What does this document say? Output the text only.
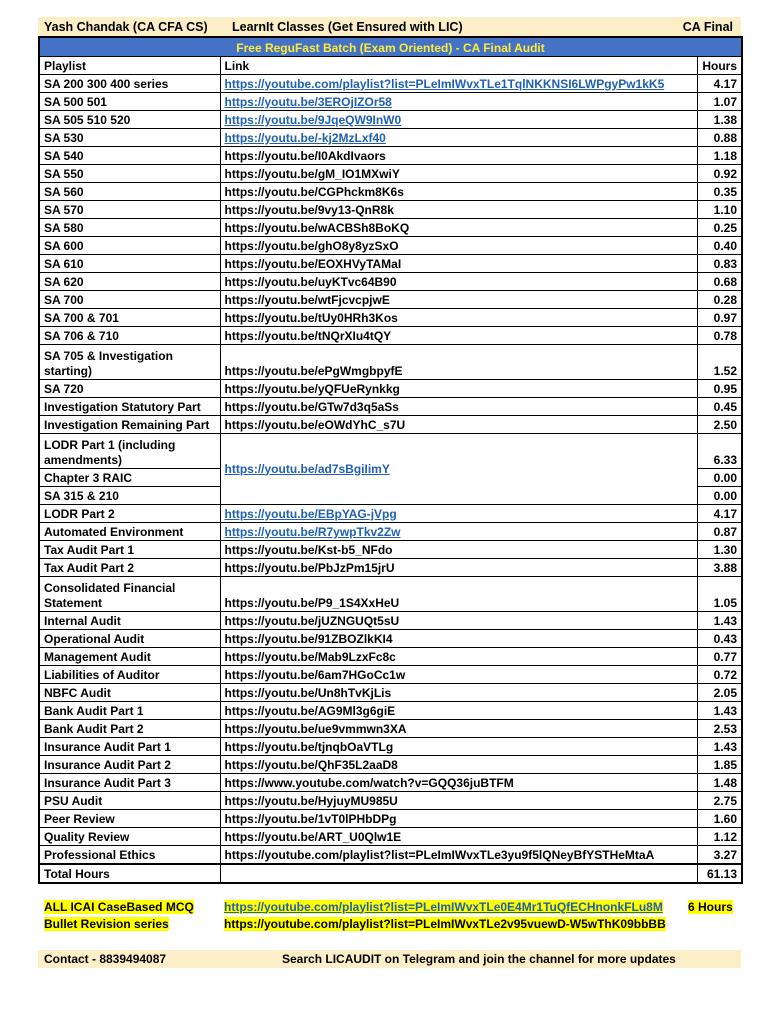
Yash Chandak (CA CFA CS)	LearnIt Classes (Get Ensured with LIC)	CA Final
Free ReguFast Batch (Exam Oriented) - CA Final Audit		
Playlist	Link	Hours
SA 200 300 400 series	https://youtube.com/playlist?list=PLeImIWvxTLe1TqlNKKNSI6LWPgyPw1kK5	4.17
SA 500 501	https://youtu.be/3EROjIZOr58	1.07
SA 505 510 520	https://youtu.be/9JqeQW9InW0	1.38
SA 530	https://youtu.be/-kj2MzLxf40	0.88
SA 540	https://youtu.be/I0AkdIvaors	1.18
SA 550	https://youtu.be/gM_IO1MXwiY	0.92
SA 560	https://youtu.be/CGPhckm8K6s	0.35
SA 570	https://youtu.be/9vy13-QnR8k	1.10
SA 580	https://youtu.be/wACBSh8BoKQ	0.25
SA 600	https://youtu.be/ghO8y8yzSxO	0.40
SA 610	https://youtu.be/EOXHVyTAMaI	0.83
SA 620	https://youtu.be/uyKTvc64B90	0.68
SA 700	https://youtu.be/wtFjcvcpjwE	0.28
SA 700 & 701	https://youtu.be/tUy0HRh3Kos	0.97
SA 706 & 710	https://youtu.be/tNQrXIu4tQY	0.78
SA 705 & Investigation starting)	https://youtu.be/ePgWmgbpyfE	1.52
SA 720	https://youtu.be/yQFUeRynkkg	0.95
Investigation Statutory Part	https://youtu.be/GTw7d3q5aSs	0.45
Investigation Remaining Part	https://youtu.be/eOWdYhC_s7U	2.50
LODR Part 1 (including amendments)	https://youtu.be/ad7sBgiIimY	6.33
Chapter 3 RAIC		0.00
SA 315 & 210		0.00
LODR Part 2	https://youtu.be/EBpYAG-jVpg	4.17
Automated Environment	https://youtu.be/R7ywpTkv2Zw	0.87
Tax Audit Part 1	https://youtu.be/Kst-b5_NFdo	1.30
Tax Audit Part 2	https://youtu.be/PbJzPm15jrU	3.88
Consolidated Financial Statement	https://youtu.be/P9_1S4XxHeU	1.05
Internal Audit	https://youtu.be/jUZNGUQt5sU	1.43
Operational Audit	https://youtu.be/91ZBOZlkKI4	0.43
Management Audit	https://youtu.be/Mab9LzxFc8c	0.77
Liabilities of Auditor	https://youtu.be/6am7HGoCc1w	0.72
NBFC Audit	https://youtu.be/Un8hTvKjLis	2.05
Bank Audit Part 1	https://youtu.be/AG9Ml3g6giE	1.43
Bank Audit Part 2	https://youtu.be/ue9vmmwn3XA	2.53
Insurance Audit Part 1	https://youtu.be/tjnqbOaVTLg	1.43
Insurance Audit Part 2	https://youtu.be/QhF35L2aaD8	1.85
Insurance Audit Part 3	https://www.youtube.com/watch?v=GQQ36juBTFM	1.48
PSU Audit	https://youtu.be/HyjuyMU985U	2.75
Peer Review	https://youtu.be/1vT0lPHbDPg	1.60
Quality Review	https://youtu.be/ART_U0Qlw1E	1.12
Professional Ethics	https://youtube.com/playlist?list=PLeImIWvxTLe3yu9f5lQNeyBfYSTHeMtaA	3.27
Total Hours		61.13
ALL ICAI CaseBased MCQ	https://youtube.com/playlist?list=PLeImIWvxTLe0E4Mr1TuQfECHnonkFLu8M	6 Hours
Bullet Revision series	https://youtube.com/playlist?list=PLeImIWvxTLe2v95vuewD-W5wThK09bbBB
Contact - 8839494087	Search LICAUDIT on Telegram and join the channel for more updates
